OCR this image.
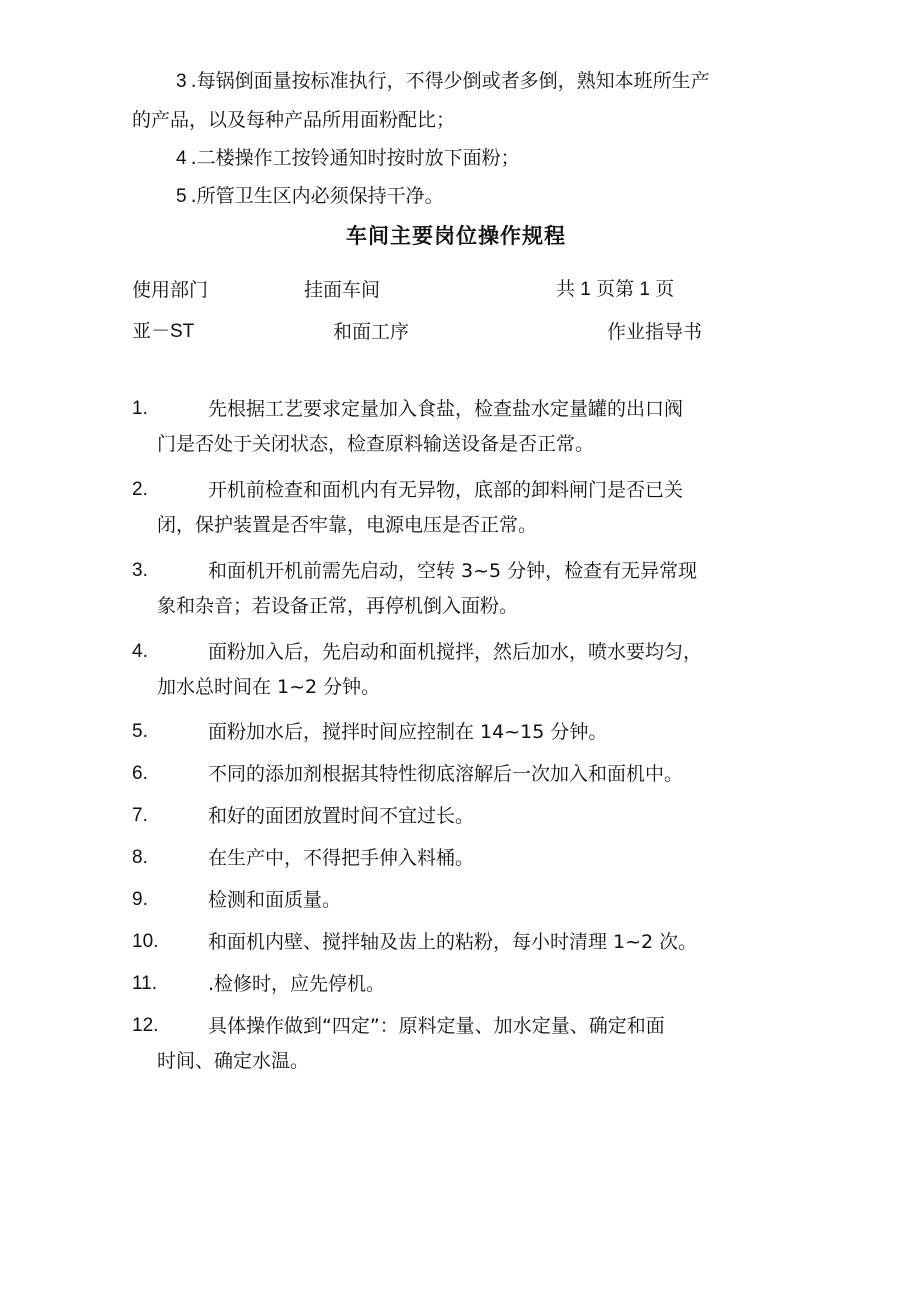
3 .每锅倒面量按标准执行，不得少倒或者多倒，熟知本班所生产
的产品，以及每种产品所用面粉配比；
4 .二楼操作工按铃通知时按时放下面粉；
5 .所管卫生区内必须保持干净。
车间主要岗位操作规程
使用部门	挂面车间	共 1 页第 1 页
亚－ST	和面工序	作业指导书
1.	先根据工艺要求定量加入食盐，检查盐水定量罐的出口阀
门是否处于关闭状态，检查原料输送设备是否正常。
2.	开机前检查和面机内有无异物，底部的卸料闸门是否已关
闭，保护装置是否牢靠，电源电压是否正常。
3.	和面机开机前需先启动，空转 3~5 分钟，检查有无异常现
象和杂音；若设备正常，再停机倒入面粉。
4.	面粉加入后，先启动和面机搅拌，然后加水，喷水要均匀，
加水总时间在 1~2 分钟。
5.	面粉加水后，搅拌时间应控制在 14~15 分钟。
6.	不同的添加剂根据其特性彻底溶解后一次加入和面机中。
7.	和好的面团放置时间不宜过长。
8.	在生产中，不得把手伸入料桶。
9.	检测和面质量。
10.	和面机内壁、搅拌轴及齿上的粘粉，每小时清理 1~2 次。
11.	.检修时，应先停机。
12.	具体操作做到“四定”：原料定量、加水定量、确定和面
时间、确定水温。
